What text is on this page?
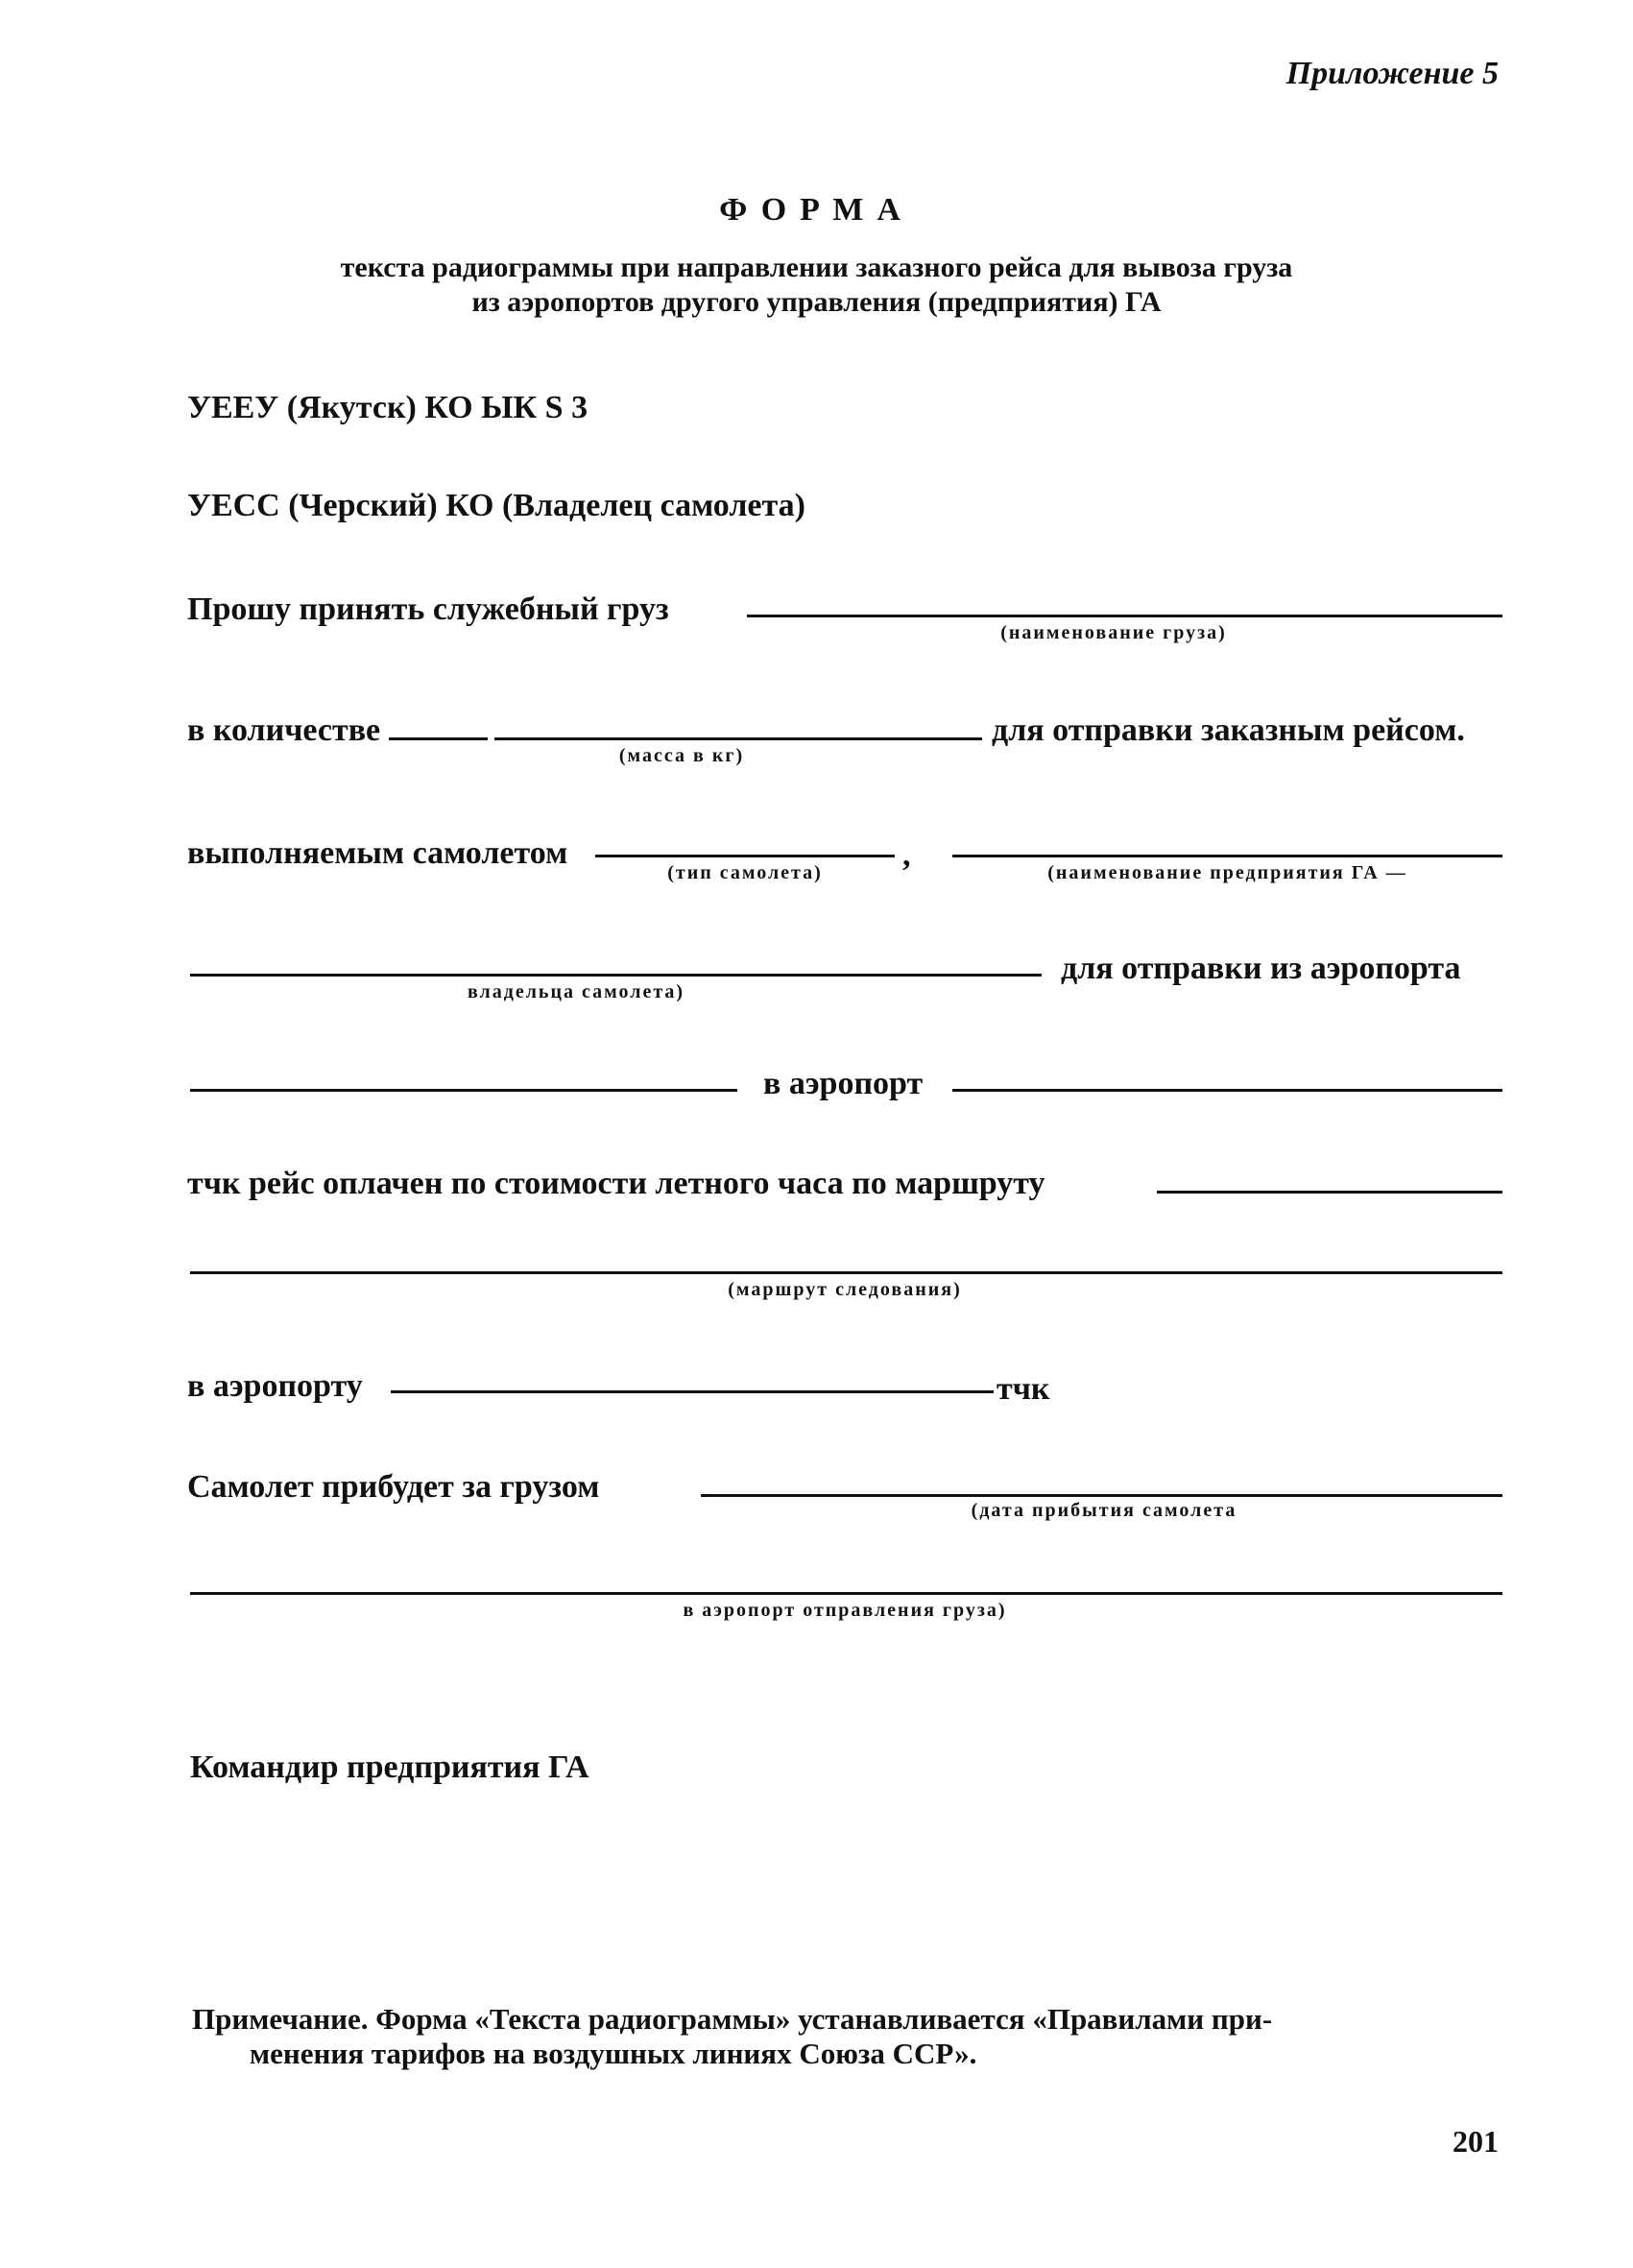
Приложение 5
ФОРМА
текста радиограммы при направлении заказного рейса для вывоза груза
из аэропортов другого управления (предприятия) ГА
УЕЕУ (Якутск) КО ЫК Ѕ 3
УЕСС (Черский) КО (Владелец самолета)
Прошу принять служебный груз
(наименование груза)
в количестве
(масса в кг)
для отправки заказным рейсом.
выполняемым самолетом
(тип самолета)	,	(наименование предприятия ГА —
владельца самолета)
для отправки из аэропорта
в аэропорт
тчк рейс оплачен по стоимости летного часа по маршруту
(маршрут следования)
в аэропорту	тчк
Самолет прибудет за грузом
(дата прибытия самолета
в аэропорт отправления груза)
Командир предприятия ГА
Примечание. Форма «Текста радиограммы» устанавливается «Правилами при-
менения тарифов на воздушных линиях Союза ССР».
201
